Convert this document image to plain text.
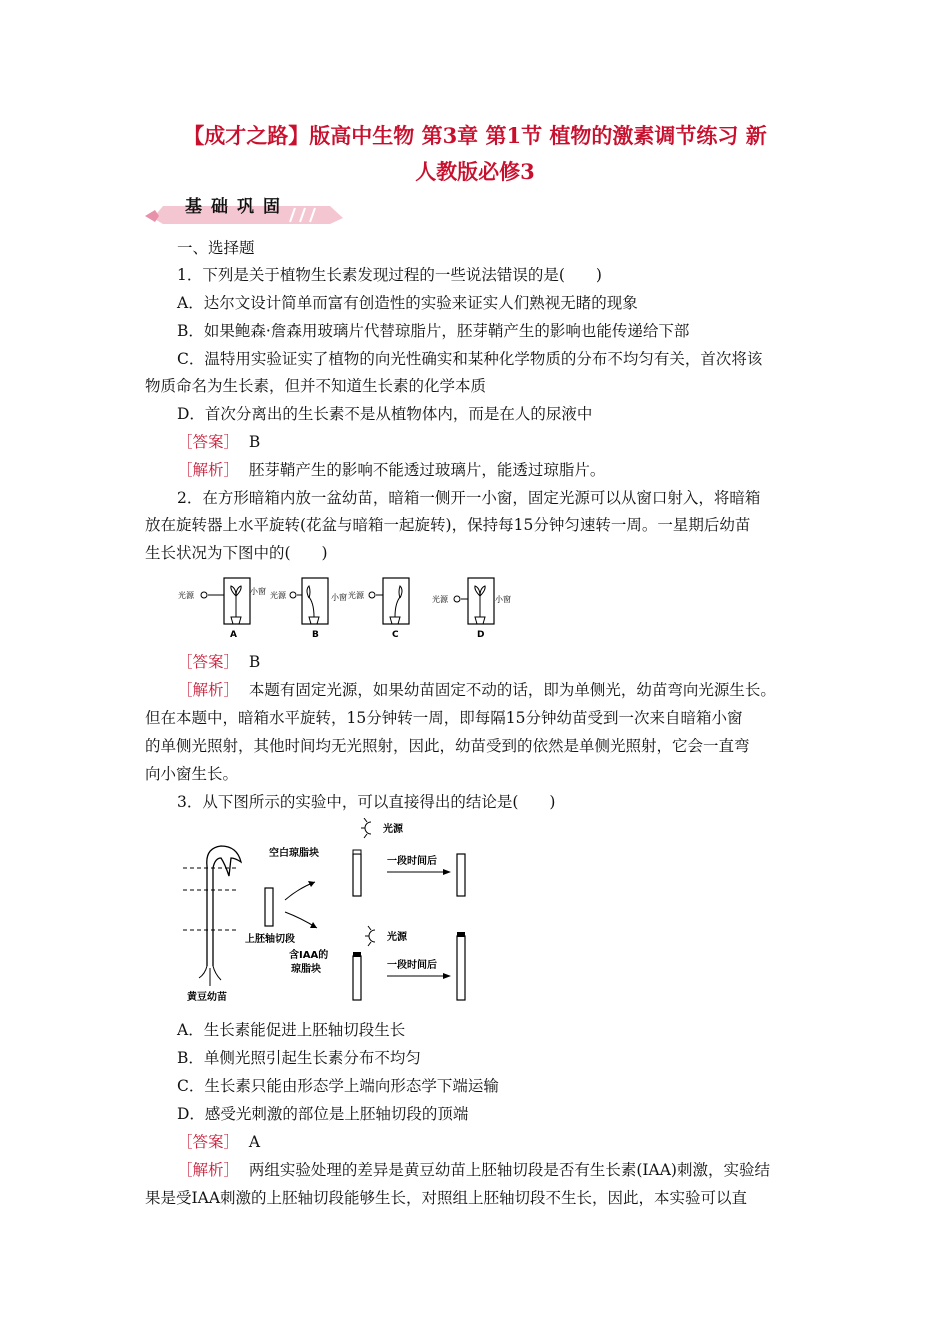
【成才之路】版高中生物 第3章 第1节 植物的激素调节练习 新
人教版必修3
基础巩固
一、选择题
1．下列是关于植物生长素发现过程的一些说法错误的是(　　)
A．达尔文设计简单而富有创造性的实验来证实人们熟视无睹的现象
B．如果鲍森·詹森用玻璃片代替琼脂片，胚芽鞘产生的影响也能传递给下部
C．温特用实验证实了植物的向光性确实和某种化学物质的分布不均匀有关，首次将该
物质命名为生长素，但并不知道生长素的化学本质
D．首次分离出的生长素不是从植物体内，而是在人的尿液中
［答案］ B
［解析］ 胚芽鞘产生的影响不能透过玻璃片，能透过琼脂片。
2．在方形暗箱内放一盆幼苗，暗箱一侧开一小窗，固定光源可以从窗口射入，将暗箱
放在旋转器上水平旋转(花盆与暗箱一起旋转)，保持每15分钟匀速转一周。一星期后幼苗
生长状况为下图中的(　　)
光源	小窗
A
光源	小窗
B
光源
C
光源	小窗
D
［答案］ B
［解析］ 本题有固定光源，如果幼苗固定不动的话，即为单侧光，幼苗弯向光源生长。
但在本题中，暗箱水平旋转，15分钟转一周，即每隔15分钟幼苗受到一次来自暗箱小窗
的单侧光照射，其他时间均无光照射，因此，幼苗受到的依然是单侧光照射，它会一直弯
向小窗生长。
3．从下图所示的实验中，可以直接得出的结论是(　　)
黄豆幼苗
上胚轴切段
空白琼脂块
光源
一段时间后
含IAA的
琼脂块
光源
一段时间后
A．生长素能促进上胚轴切段生长
B．单侧光照引起生长素分布不均匀
C．生长素只能由形态学上端向形态学下端运输
D．感受光刺激的部位是上胚轴切段的顶端
［答案］ A
［解析］ 两组实验处理的差异是黄豆幼苗上胚轴切段是否有生长素(IAA)刺激，实验结
果是受IAA刺激的上胚轴切段能够生长，对照组上胚轴切段不生长，因此，本实验可以直
